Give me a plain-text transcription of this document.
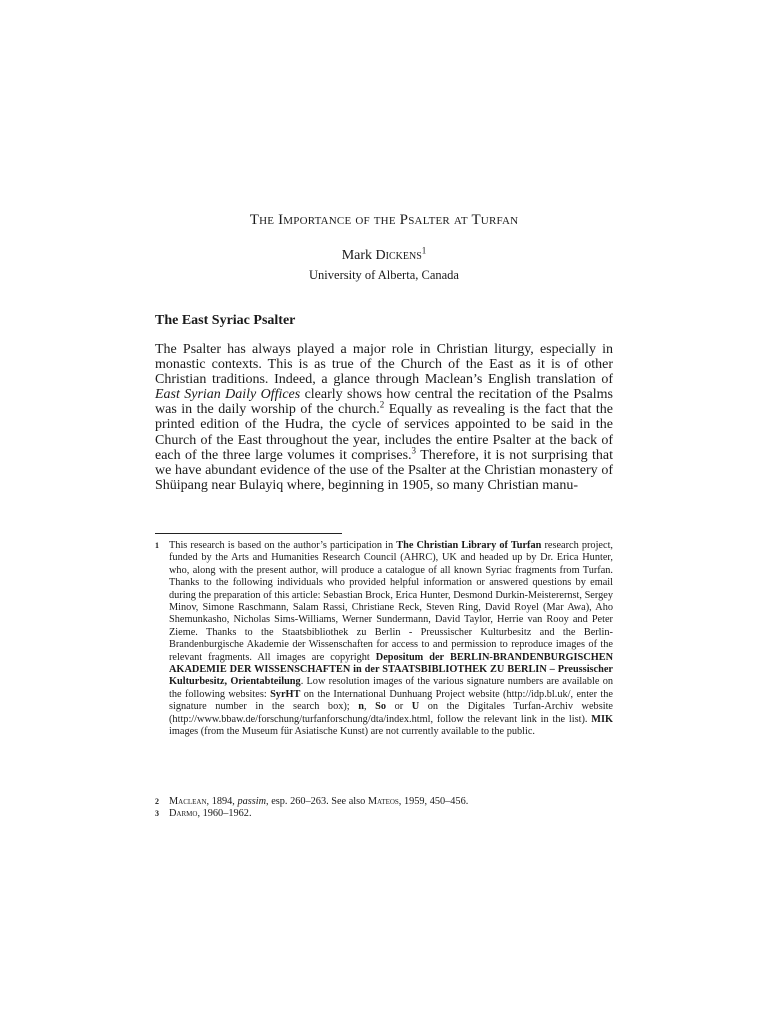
The Importance of the Psalter at Turfan
Mark Dickens$^1$
University of Alberta, Canada
The East Syriac Psalter

The Psalter has always played a major role in Christian liturgy, especially in monastic contexts. This is as true of the Church of the East as it is of other Christian traditions. Indeed, a glance through Maclean’s English translation of East Syrian Daily Offices clearly shows how central the recitation of the Psalms was in the daily worship of the church.$^2$ Equally as revealing is the fact that the printed edition of the Hudra, the cycle of services appointed to be said in the Church of the East throughout the year, includes the entire Psalter at the back of each of the three large volumes it comprises.$^3$ Therefore, it is not surprising that we have abundant evidence of the use of the Psalter at the Christian monastery of Shüipang near Bulayiq where, beginning in 1905, so many Christian manu-

1 This research is based on the author’s participation in The Christian Library of Turfan research project, funded by the Arts and Humanities Research Council (AHRC), UK and headed up by Dr. Erica Hunter, who, along with the present author, will produce a catalogue of all known Syriac fragments from Turfan. Thanks to the following individuals who provided helpful information or answered questions by email during the preparation of this article: Sebastian Brock, Erica Hunter, Desmond Durkin-Meisterernst, Sergey Minov, Simone Raschmann, Salam Rassi, Christiane Reck, Steven Ring, David Royel (Mar Awa), Aho Shemunkasho, Nicholas Sims-Williams, Werner Sundermann, David Taylor, Herrie van Rooy and Peter Zieme. Thanks to the Staatsbibliothek zu Berlin - Preussischer Kulturbesitz and the Berlin-Brandenburgische Akademie der Wissenschaften for access to and permission to reproduce images of the relevant fragments. All images are copyright Depositum der BERLIN-BRANDENBURGISCHEN AKADEMIE DER WISSENSCHAFTEN in der STAATSBIBLIOTHEK ZU BERLIN – Preussischer Kulturbesitz, Orientabteilung. Low resolution images of the various signature numbers are available on the following websites: SyrHT on the International Dunhuang Project website (http://idp.bl.uk/, enter the signature number in the search box); n, So or U on the Digitales Turfan-Archiv website (http://www.bbaw.de/forschung/turfanforschung/dta/index.html, follow the relevant link in the list). MIK images (from the Museum für Asiatische Kunst) are not currently available to the public.
2 Maclean, 1894, passim, esp. 260–263. See also Mateos, 1959, 450–456.
3 Darmo, 1960–1962.
